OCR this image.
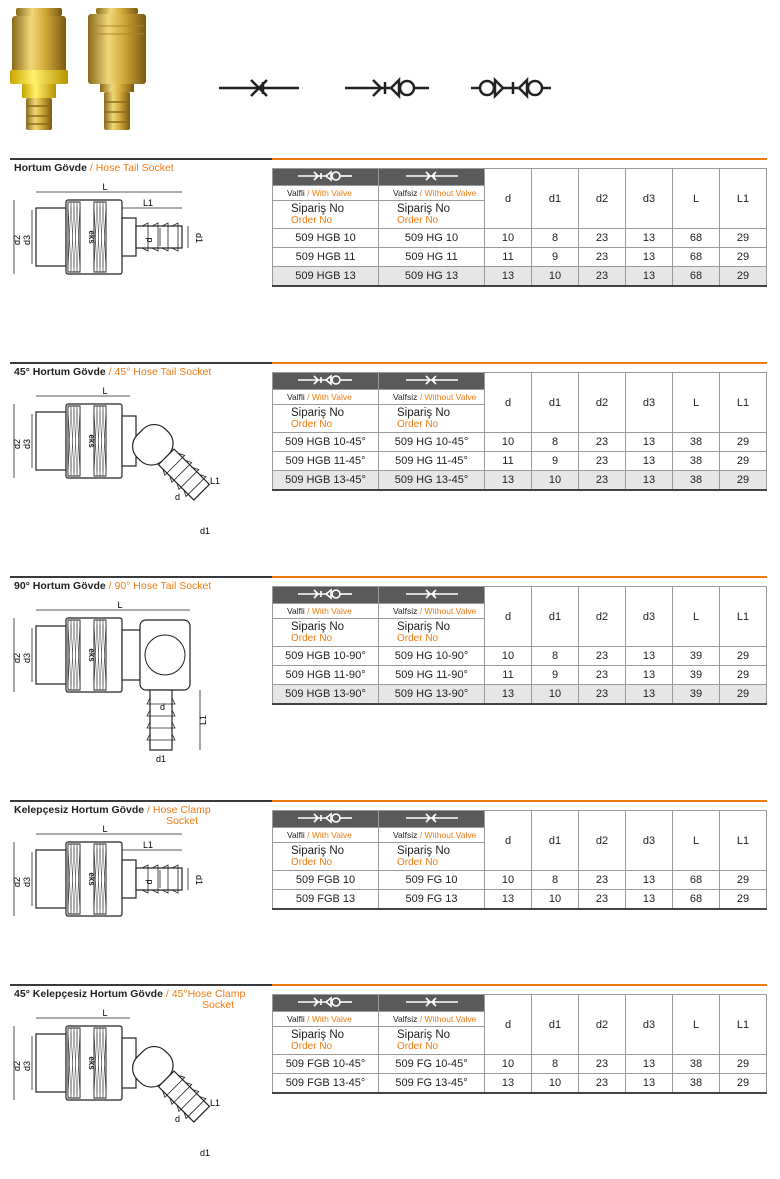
Hortum Gövde / Hose Tail Socket
d2 d3	eks
L
L1
d	d1
		d	d1	d2	d3	L	L1
Valfli / With Valve	Valfsiz / Without Valve						
Sipariş No
Order No	Sipariş No
Order No						
509 HGB 10	509 HG 10	10	8	23	13	68	29
509 HGB 11	509 HG 11	11	9	23	13	68	29
509 HGB 13	509 HG 13	13	10	23	13	68	29
45° Hortum Gövde / 45° Hose Tail Socket
d2 d3	eks
L
L1
d
d1
		d	d1	d2	d3	L	L1
Valfli / With Valve	Valfsiz / Without Valve						
Sipariş No
Order No	Sipariş No
Order No						
509 HGB 10-45°	509 HG 10-45°	10	8	23	13	38	29
509 HGB 11-45°	509 HG 11-45°	11	9	23	13	38	29
509 HGB 13-45°	509 HG 13-45°	13	10	23	13	38	29
90° Hortum Gövde / 90° Hose Tail Socket
d2 d3	eks
L
L1
d
d1
		d	d1	d2	d3	L	L1
Valfli / With Valve	Valfsiz / Without Valve						
Sipariş No
Order No	Sipariş No
Order No						
509 HGB 10-90°	509 HG 10-90°	10	8	23	13	39	29
509 HGB 11-90°	509 HG 11-90°	11	9	23	13	39	29
509 HGB 13-90°	509 HG 13-90°	13	10	23	13	39	29
Kelepçesiz Hortum Gövde / Hose Clamp
Socket
d2 d3	eks
L
L1
d	d1
		d	d1	d2	d3	L	L1
Valfli / With Valve	Valfsiz / Without Valve						
Sipariş No
Order No	Sipariş No
Order No						
509 FGB 10	509 FG 10	10	8	23	13	68	29
509 FGB 13	509 FG 13	13	10	23	13	68	29
45° Kelepçesiz Hortum Gövde / 45°Hose Clamp
Socket
d2 d3	eks
L
L1
d
d1
		d	d1	d2	d3	L	L1
Valfli / With Valve	Valfsiz / Without Valve						
Sipariş No
Order No	Sipariş No
Order No						
509 FGB 10-45°	509 FG 10-45°	10	8	23	13	38	29
509 FGB 13-45°	509 FG 13-45°	13	10	23	13	38	29
